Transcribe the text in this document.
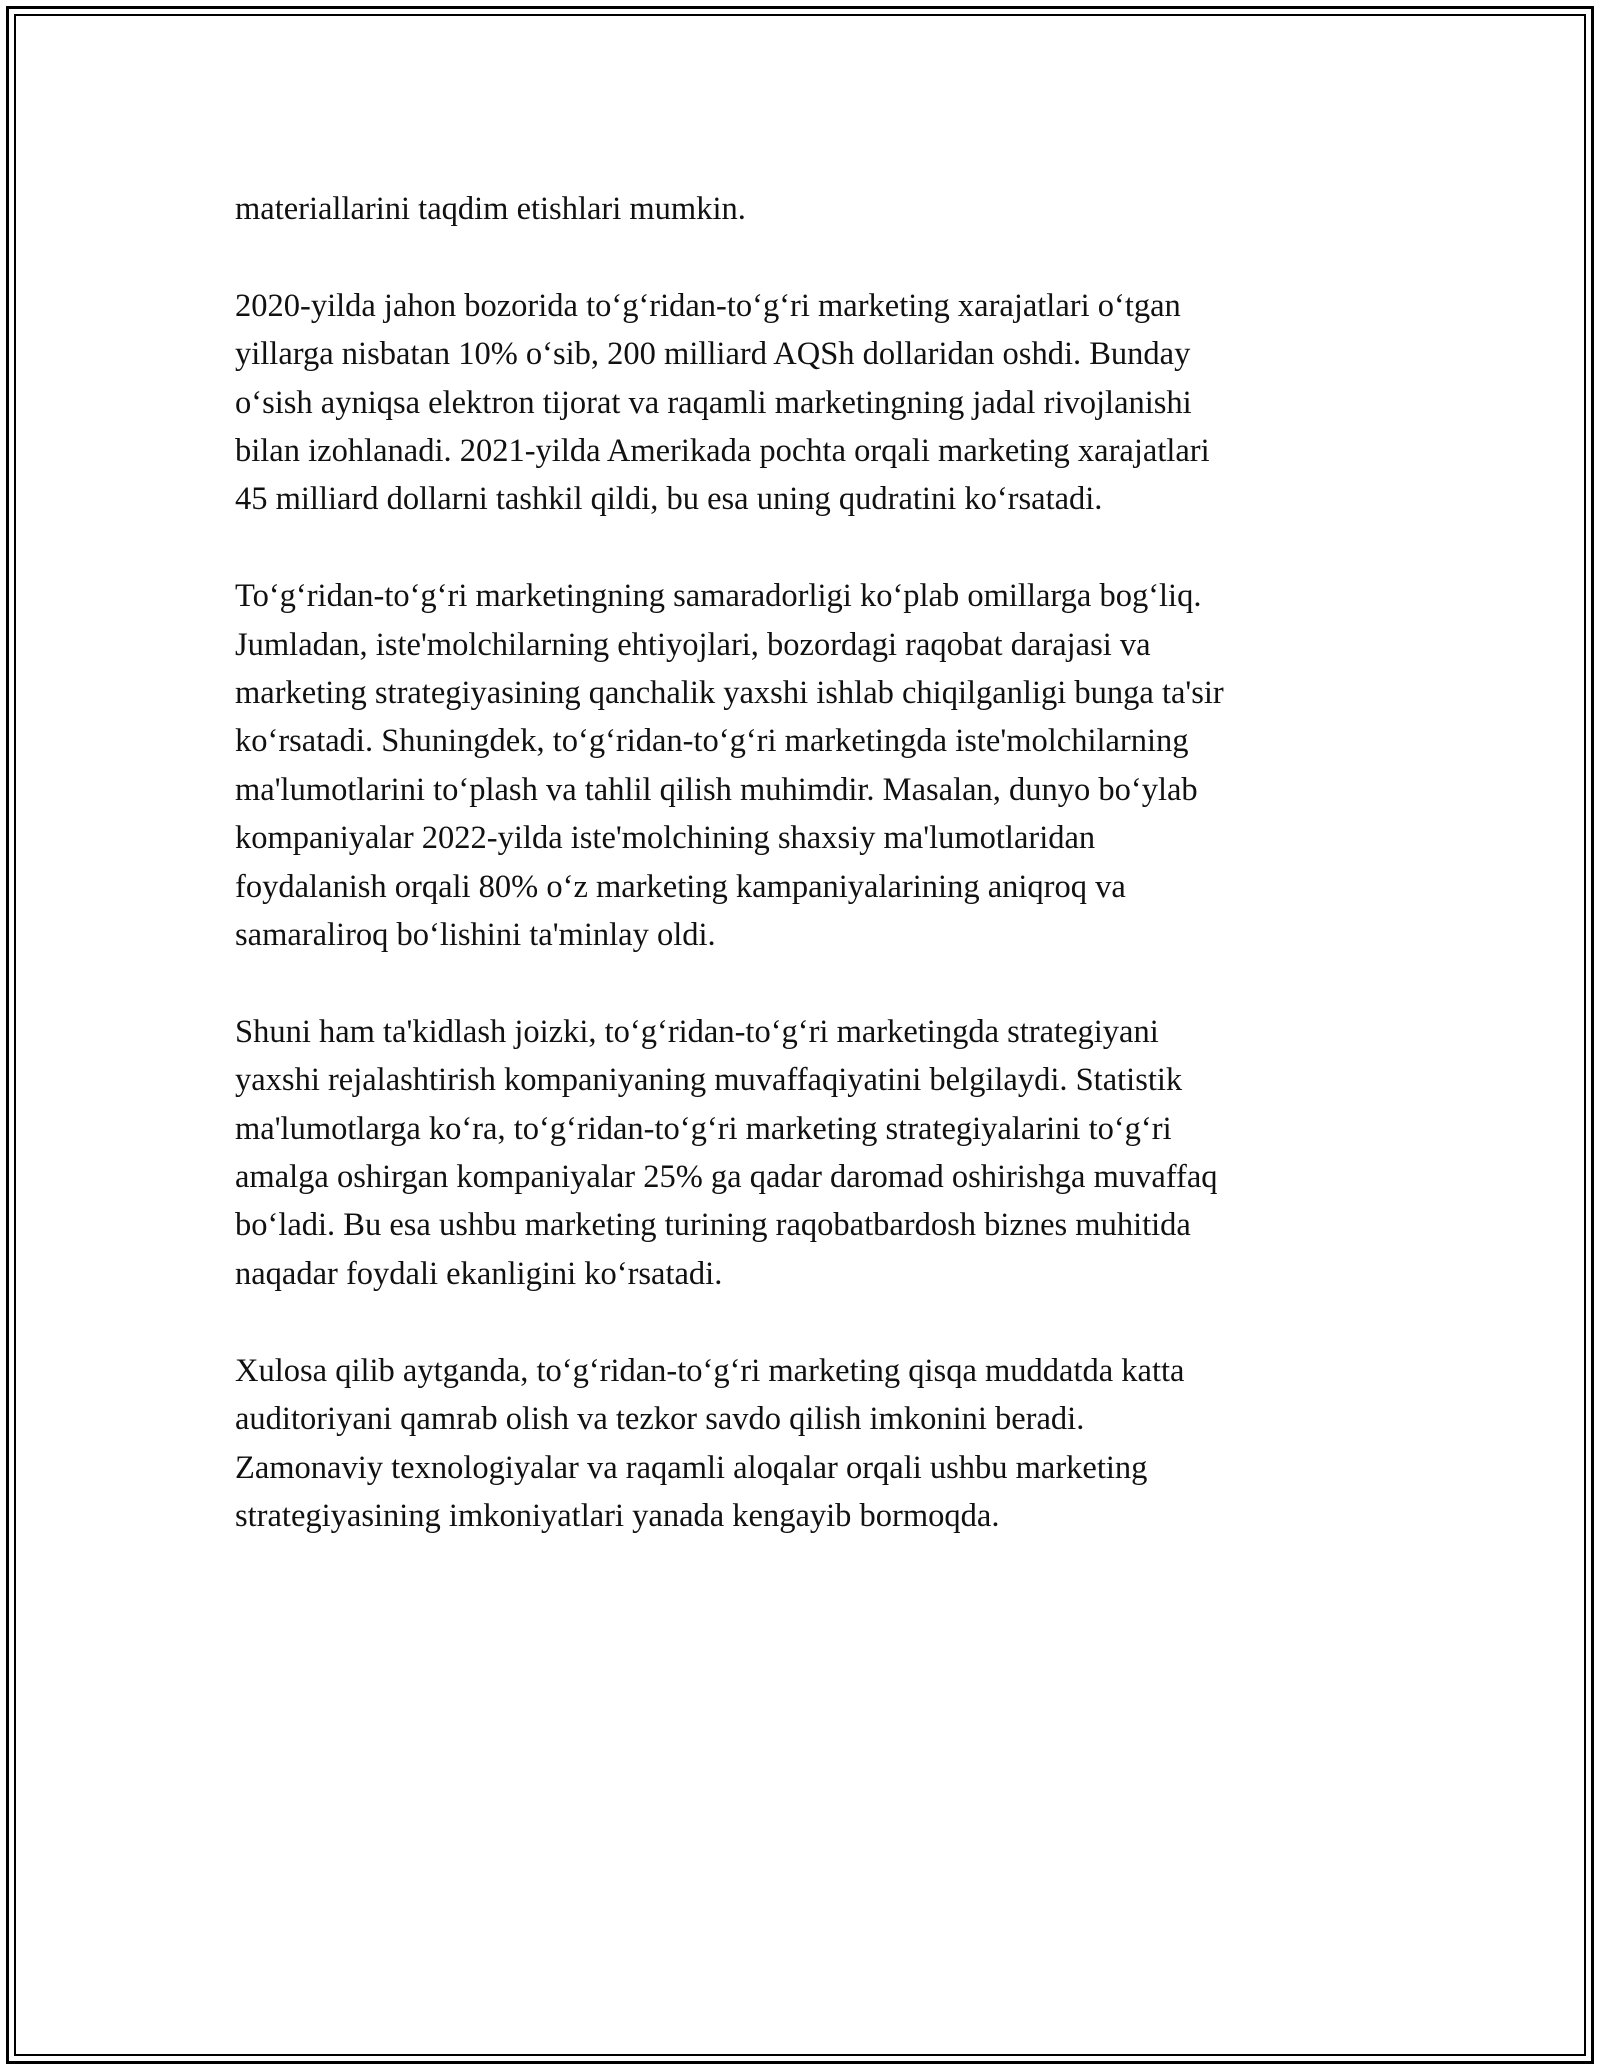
materiallarini taqdim etishlari mumkin.
2020-yilda jahon bozorida to‘g‘ridan-to‘g‘ri marketing xarajatlari o‘tgan
yillarga nisbatan 10% o‘sib, 200 milliard AQSh dollaridan oshdi. Bunday
o‘sish ayniqsa elektron tijorat va raqamli marketingning jadal rivojlanishi
bilan izohlanadi. 2021-yilda Amerikada pochta orqali marketing xarajatlari
45 milliard dollarni tashkil qildi, bu esa uning qudratini ko‘rsatadi.
To‘g‘ridan-to‘g‘ri marketingning samaradorligi ko‘plab omillarga bog‘liq.
Jumladan, iste'molchilarning ehtiyojlari, bozordagi raqobat darajasi va
marketing strategiyasining qanchalik yaxshi ishlab chiqilganligi bunga ta'sir
ko‘rsatadi. Shuningdek, to‘g‘ridan-to‘g‘ri marketingda iste'molchilarning
ma'lumotlarini to‘plash va tahlil qilish muhimdir. Masalan, dunyo bo‘ylab
kompaniyalar 2022-yilda iste'molchining shaxsiy ma'lumotlaridan
foydalanish orqali 80% o‘z marketing kampaniyalarining aniqroq va
samaraliroq bo‘lishini ta'minlay oldi.
Shuni ham ta'kidlash joizki, to‘g‘ridan-to‘g‘ri marketingda strategiyani
yaxshi rejalashtirish kompaniyaning muvaffaqiyatini belgilaydi. Statistik
ma'lumotlarga ko‘ra, to‘g‘ridan-to‘g‘ri marketing strategiyalarini to‘g‘ri
amalga oshirgan kompaniyalar 25% ga qadar daromad oshirishga muvaffaq
bo‘ladi. Bu esa ushbu marketing turining raqobatbardosh biznes muhitida
naqadar foydali ekanligini ko‘rsatadi.
Xulosa qilib aytganda, to‘g‘ridan-to‘g‘ri marketing qisqa muddatda katta
auditoriyani qamrab olish va tezkor savdo qilish imkonini beradi.
Zamonaviy texnologiyalar va raqamli aloqalar orqali ushbu marketing
strategiyasining imkoniyatlari yanada kengayib bormoqda.
